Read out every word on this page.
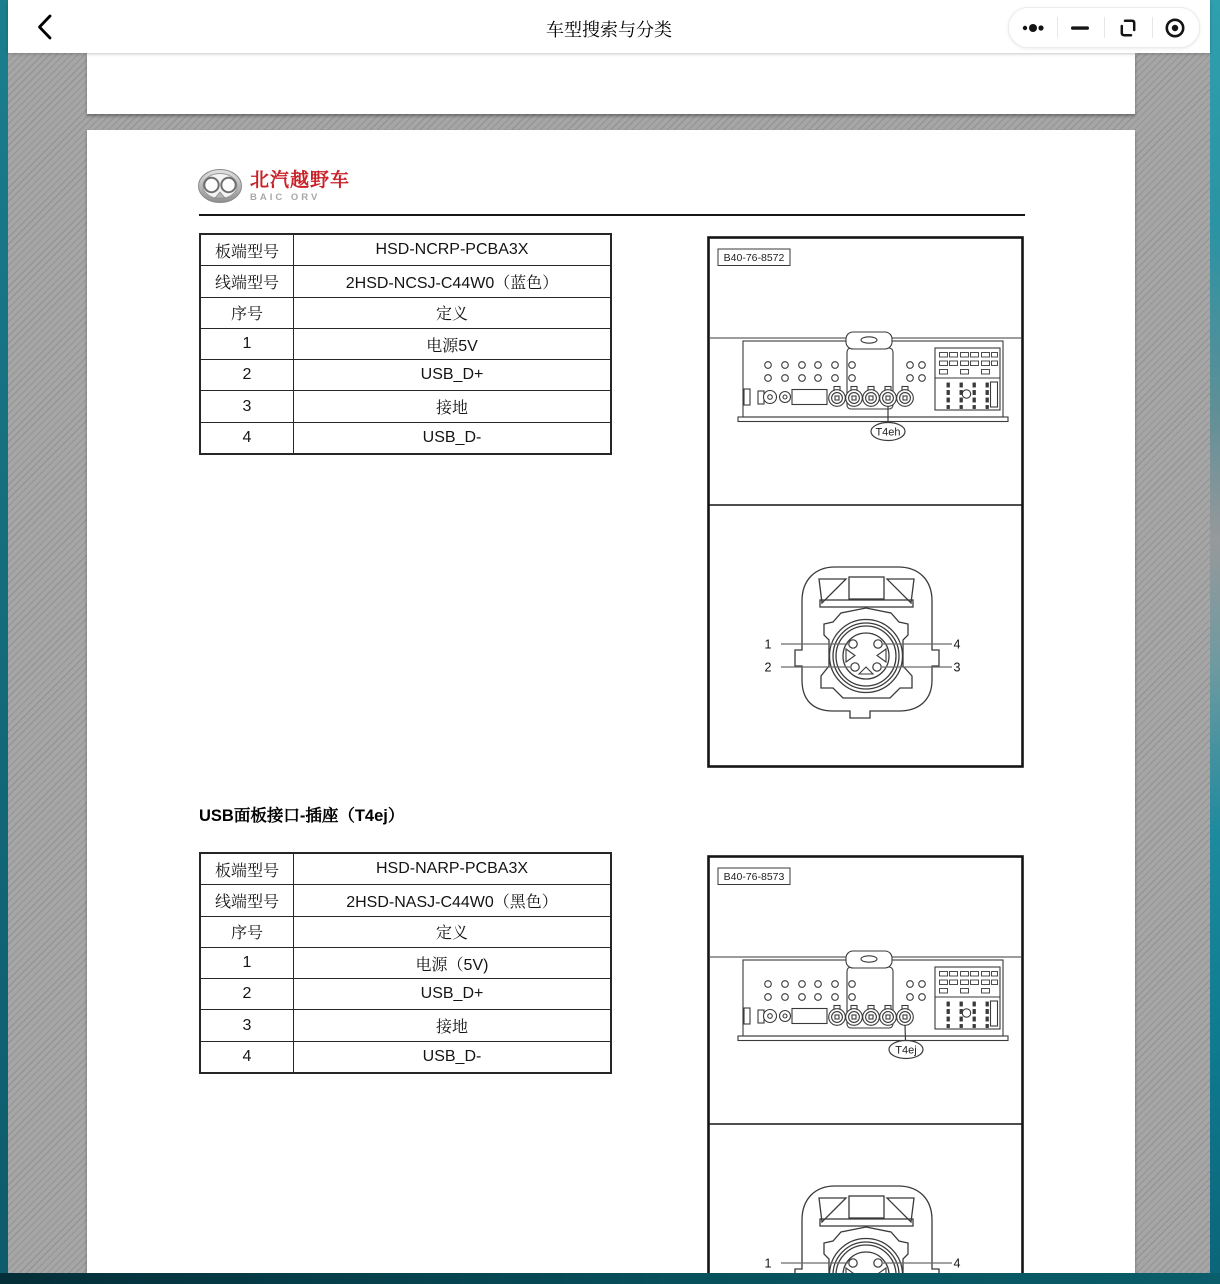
车型搜索与分类
北汽越野车
BAIC ORV
板端型号	HSD-NCRP-PCBA3X
线端型号	2HSD-NCSJ-C44W0（蓝色）
序号	定义
1	电源5V
2	USB_D+
3	接地
4	USB_D-
B40-76-8572
T4eh
1
2
4
3
USB面板接口-插座（T4ej）
板端型号	HSD-NARP-PCBA3X
线端型号	2HSD-NASJ-C44W0（黑色）
序号	定义
1	电源（5V)
2	USB_D+
3	接地
4	USB_D-
B40-76-8573
T4ej
1	4
